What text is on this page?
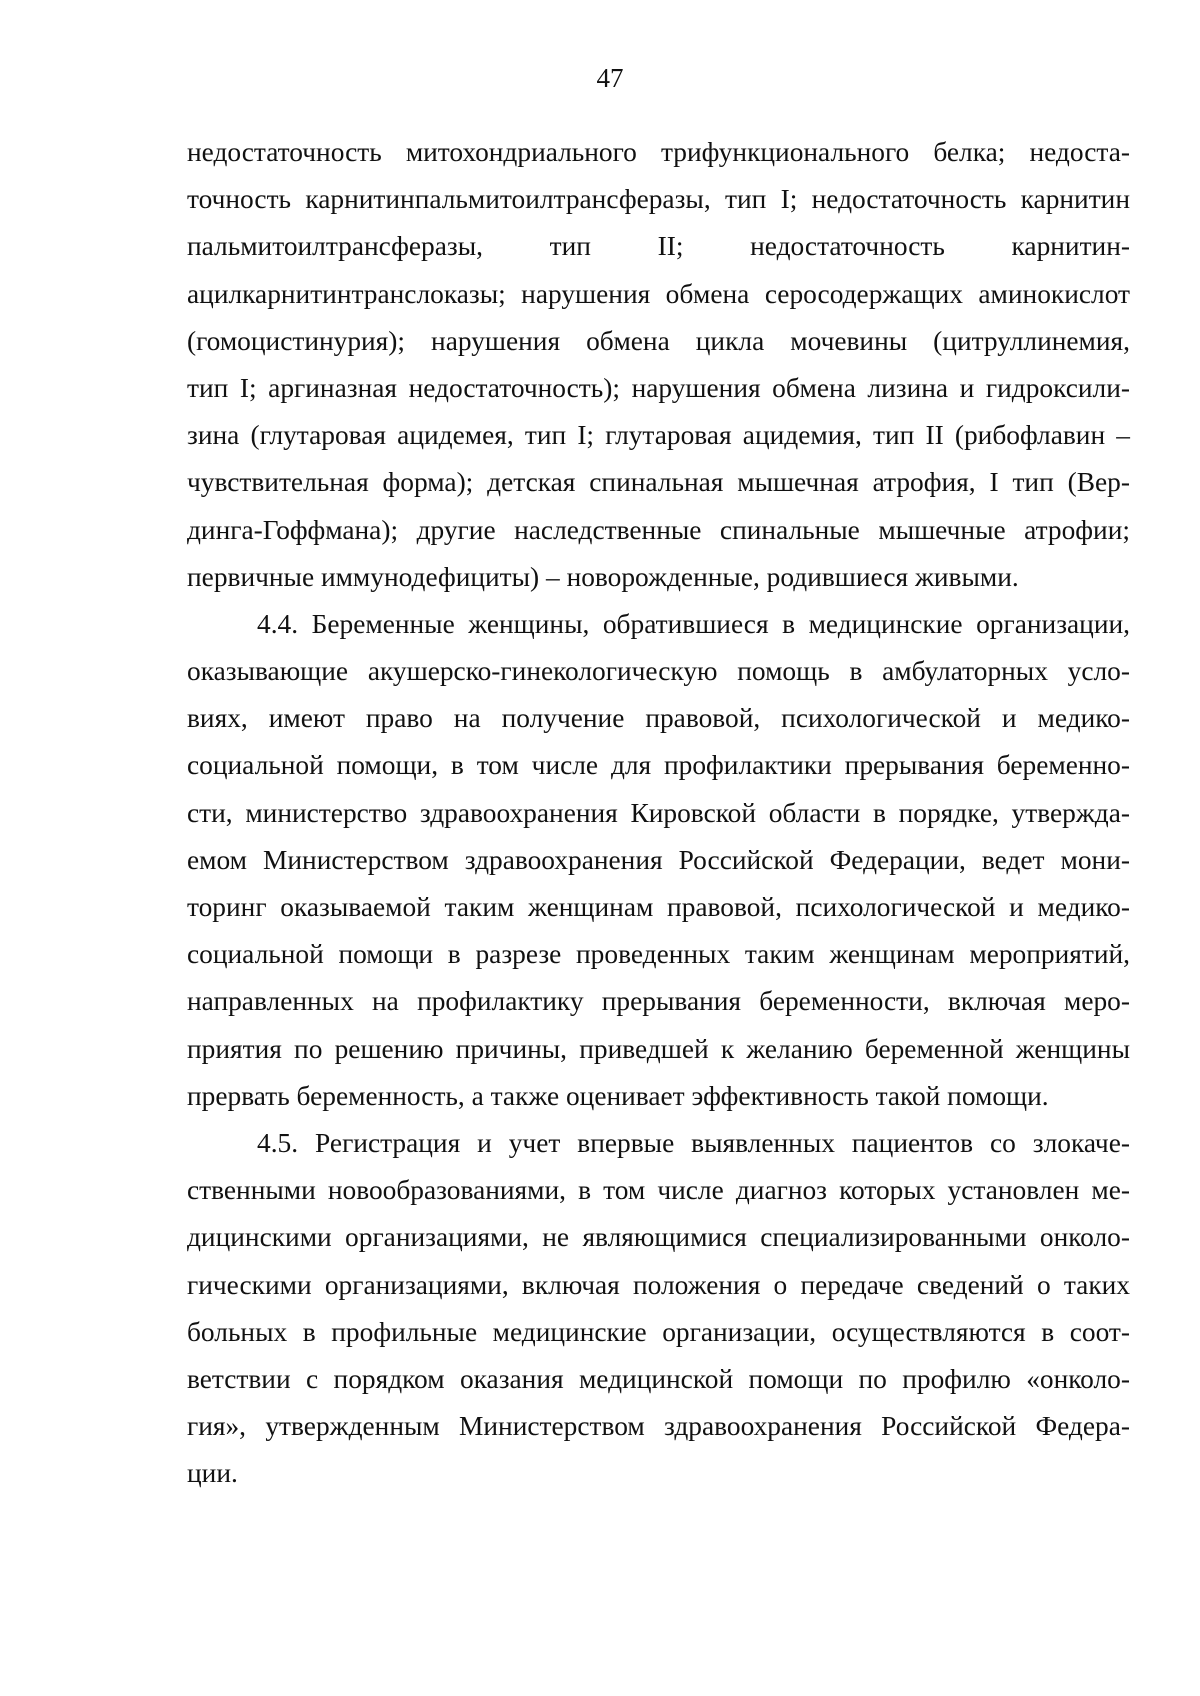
47

недостаточность митохондриального трифункционального белка; недоста-
точность карнитинпальмитоилтрансферазы, тип I; недостаточность карнитин
пальмитоилтрансферазы, тип II; недостаточность карнитин-
ацилкарнитинтранслоказы; нарушения обмена серосодержащих аминокислот
(гомоцистинурия); нарушения обмена цикла мочевины (цитруллинемия,
тип I; аргиназная недостаточность); нарушения обмена лизина и гидроксили-
зина (глутаровая ацидемея, тип I; глутаровая ацидемия, тип II (рибофлавин –
чувствительная форма); детская спинальная мышечная атрофия, I тип (Вер-
динга-Гоффмана); другие наследственные спинальные мышечные атрофии;
первичные иммунодефициты) – новорожденные, родившиеся живыми.

4.4. Беременные женщины, обратившиеся в медицинские организации,
оказывающие акушерско-гинекологическую помощь в амбулаторных усло-
виях, имеют право на получение правовой, психологической и медико-
социальной помощи, в том числе для профилактики прерывания беременно-
сти, министерство здравоохранения Кировской области в порядке, утвержда-
емом Министерством здравоохранения Российской Федерации, ведет мони-
торинг оказываемой таким женщинам правовой, психологической и медико-
социальной помощи в разрезе проведенных таким женщинам мероприятий,
направленных на профилактику прерывания беременности, включая меро-
приятия по решению причины, приведшей к желанию беременной женщины
прервать беременность, а также оценивает эффективность такой помощи.

4.5. Регистрация и учет впервые выявленных пациентов со злокаче-
ственными новообразованиями, в том числе диагноз которых установлен ме-
дицинскими организациями, не являющимися специализированными онколо-
гическими организациями, включая положения о передаче сведений о таких
больных в профильные медицинские организации, осуществляются в соот-
ветствии с порядком оказания медицинской помощи по профилю «онколо-
гия», утвержденным Министерством здравоохранения Российской Федера-
ции.
